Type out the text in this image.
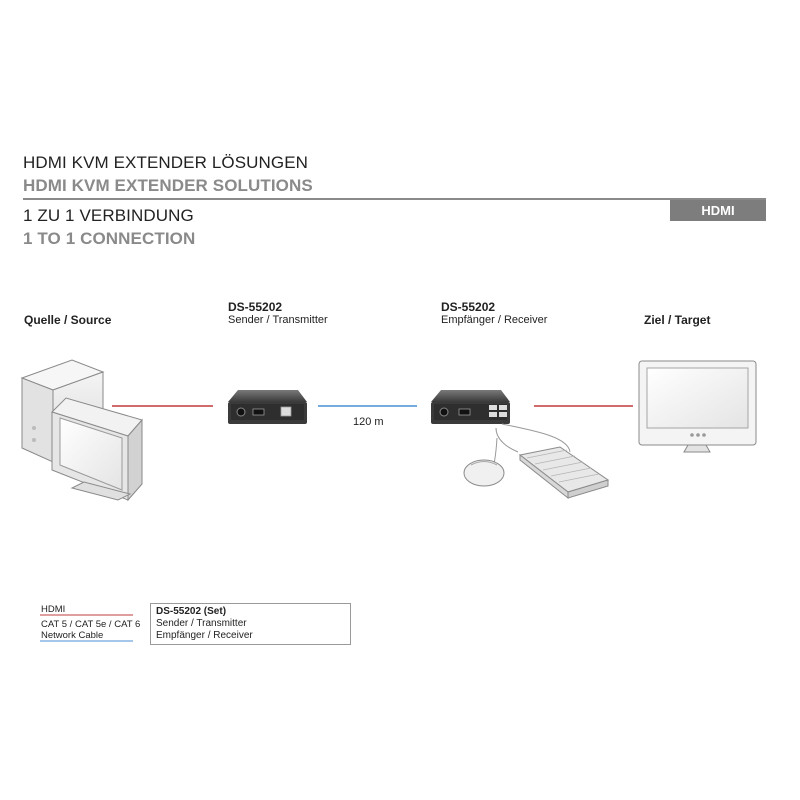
HDMI KVM EXTENDER LÖSUNGEN
HDMI KVM EXTENDER SOLUTIONS
HDMI
1 ZU 1 VERBINDUNG
1 TO 1 CONNECTION
Quelle / Source
DS-55202
Sender / Transmitter
DS-55202
Empfänger / Receiver	Ziel / Target
120 m
HDMI
CAT 5 / CAT 5e / CAT 6
Network Cable
DS-55202 (Set)
Sender / Transmitter
Empfänger / Receiver
